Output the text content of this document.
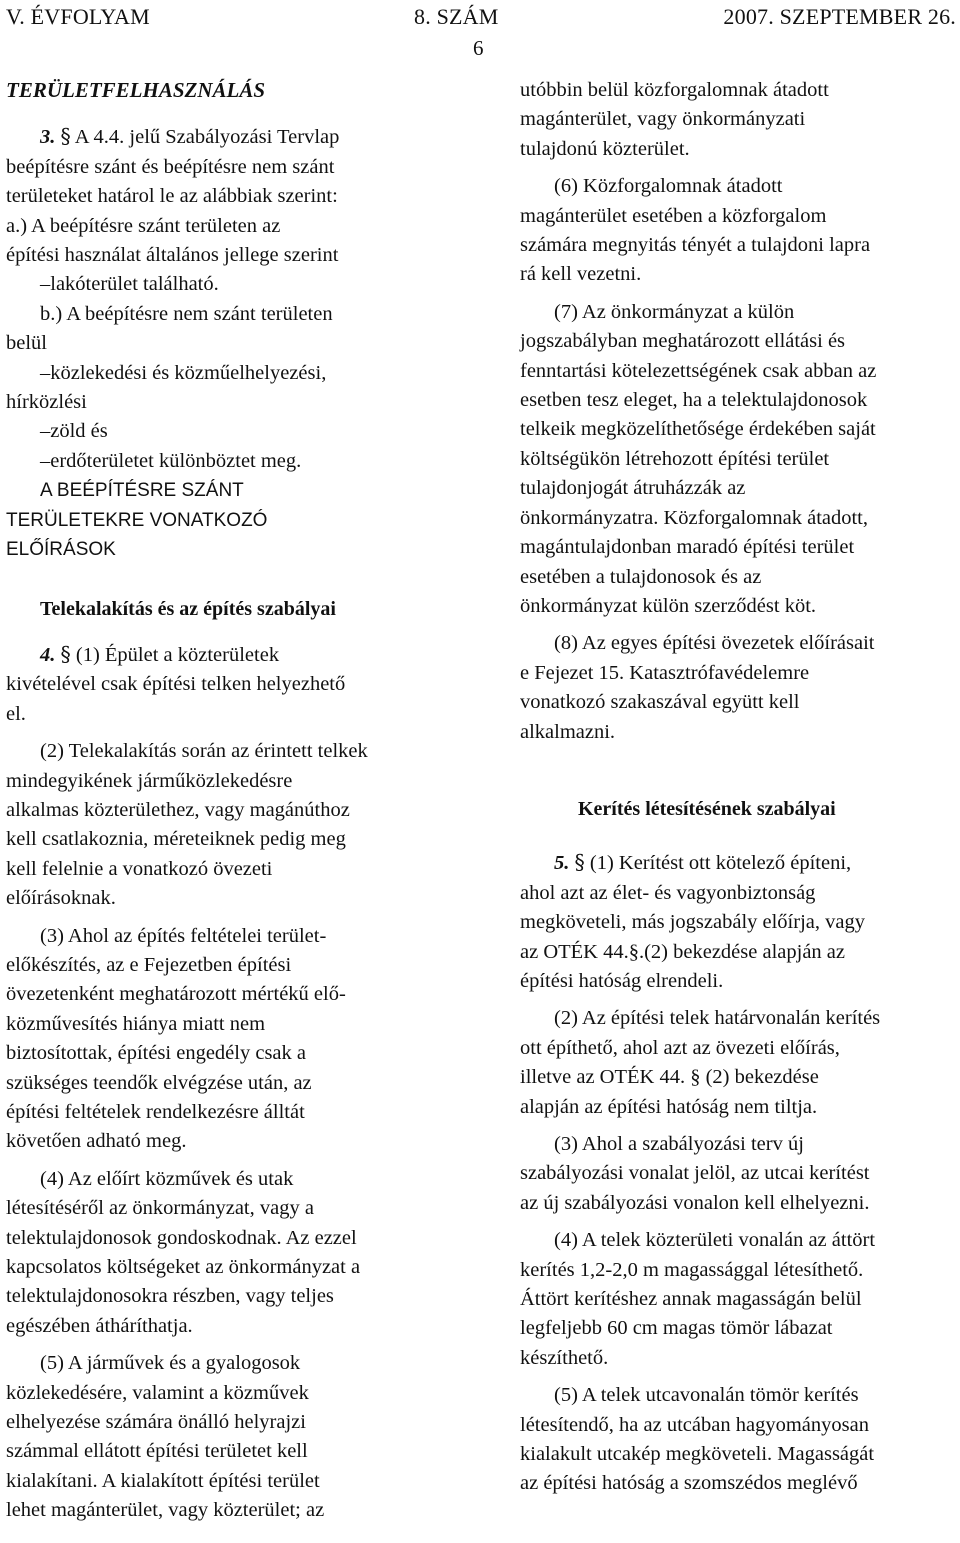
V. ÉVFOLYAM	8. SZÁM	2007. SZEPTEMBER 26.
6

TERÜLETFELHASZNÁLÁS

3. § A 4.4. jelű Szabályozási Tervlap

beépítésre szánt és beépítésre nem szánt

területeket határol le az alábbiak szerint:

a.) A beépítésre szánt területen az

építési használat általános jellege szerint

–lakóterület található.

b.) A beépítésre nem szánt területen

belül

–közlekedési és közműelhelyezési,

hírközlési

–zöld és

–erdőterületet különböztet meg.

A BEÉPÍTÉSRE SZÁNT

TERÜLETEKRE VONATKOZÓ

ELŐÍRÁSOK

Telekalakítás és az építés szabályai

4. § (1) Épület a közterületek

kivételével csak építési telken helyezhető

el.

(2) Telekalakítás során az érintett telkek

mindegyikének járműközlekedésre

alkalmas közterülethez, vagy magánúthoz

kell csatlakoznia, méreteiknek pedig meg

kell felelnie a vonatkozó övezeti

előírásoknak.

(3) Ahol az építés feltételei terület-

előkészítés, az e Fejezetben építési

övezetenként meghatározott mértékű elő-

közművesítés hiánya miatt nem

biztosítottak, építési engedély csak a

szükséges teendők elvégzése után, az

építési feltételek rendelkezésre álltát

követően adható meg.

(4) Az előírt közművek és utak

létesítéséről az önkormányzat, vagy a

telektulajdonosok gondoskodnak. Az ezzel

kapcsolatos költségeket az önkormányzat a

telektulajdonosokra részben, vagy teljes

egészében átháríthatja.

(5) A járművek és a gyalogosok

közlekedésére, valamint a közművek

elhelyezése számára önálló helyrajzi

számmal ellátott építési területet kell

kialakítani. A kialakított építési terület

lehet magánterület, vagy közterület; az

utóbbin belül közforgalomnak átadott

magánterület, vagy önkormányzati

tulajdonú közterület.

(6) Közforgalomnak átadott

magánterület esetében a közforgalom

számára megnyitás tényét a tulajdoni lapra

rá kell vezetni.

(7) Az önkormányzat a külön

jogszabályban meghatározott ellátási és

fenntartási kötelezettségének csak abban az

esetben tesz eleget, ha a telektulajdonosok

telkeik megközelíthetősége érdekében saját

költségükön létrehozott építési terület

tulajdonjogát átruházzák az

önkormányzatra. Közforgalomnak átadott,

magántulajdonban maradó építési terület

esetében a tulajdonosok és az

önkormányzat külön szerződést köt.

(8) Az egyes építési övezetek előírásait

e Fejezet 15. Katasztrófavédelemre

vonatkozó szakaszával együtt kell

alkalmazni.

Kerítés létesítésének szabályai

5. § (1) Kerítést ott kötelező építeni,

ahol azt az élet- és vagyonbiztonság

megköveteli, más jogszabály előírja, vagy

az OTÉK 44.§.(2) bekezdése alapján az

építési hatóság elrendeli.

(2) Az építési telek határvonalán kerítés

ott építhető, ahol azt az övezeti előírás,

illetve az OTÉK 44. § (2) bekezdése

alapján az építési hatóság nem tiltja.

(3) Ahol a szabályozási terv új

szabályozási vonalat jelöl, az utcai kerítést

az új szabályozási vonalon kell elhelyezni.

(4) A telek közterületi vonalán az áttört

kerítés 1,2-2,0 m magassággal létesíthető.

Áttört kerítéshez annak magasságán belül

legfeljebb 60 cm magas tömör lábazat

készíthető.

(5) A telek utcavonalán tömör kerítés

létesítendő, ha az utcában hagyományosan

kialakult utcakép megköveteli. Magasságát

az építési hatóság a szomszédos meglévő
